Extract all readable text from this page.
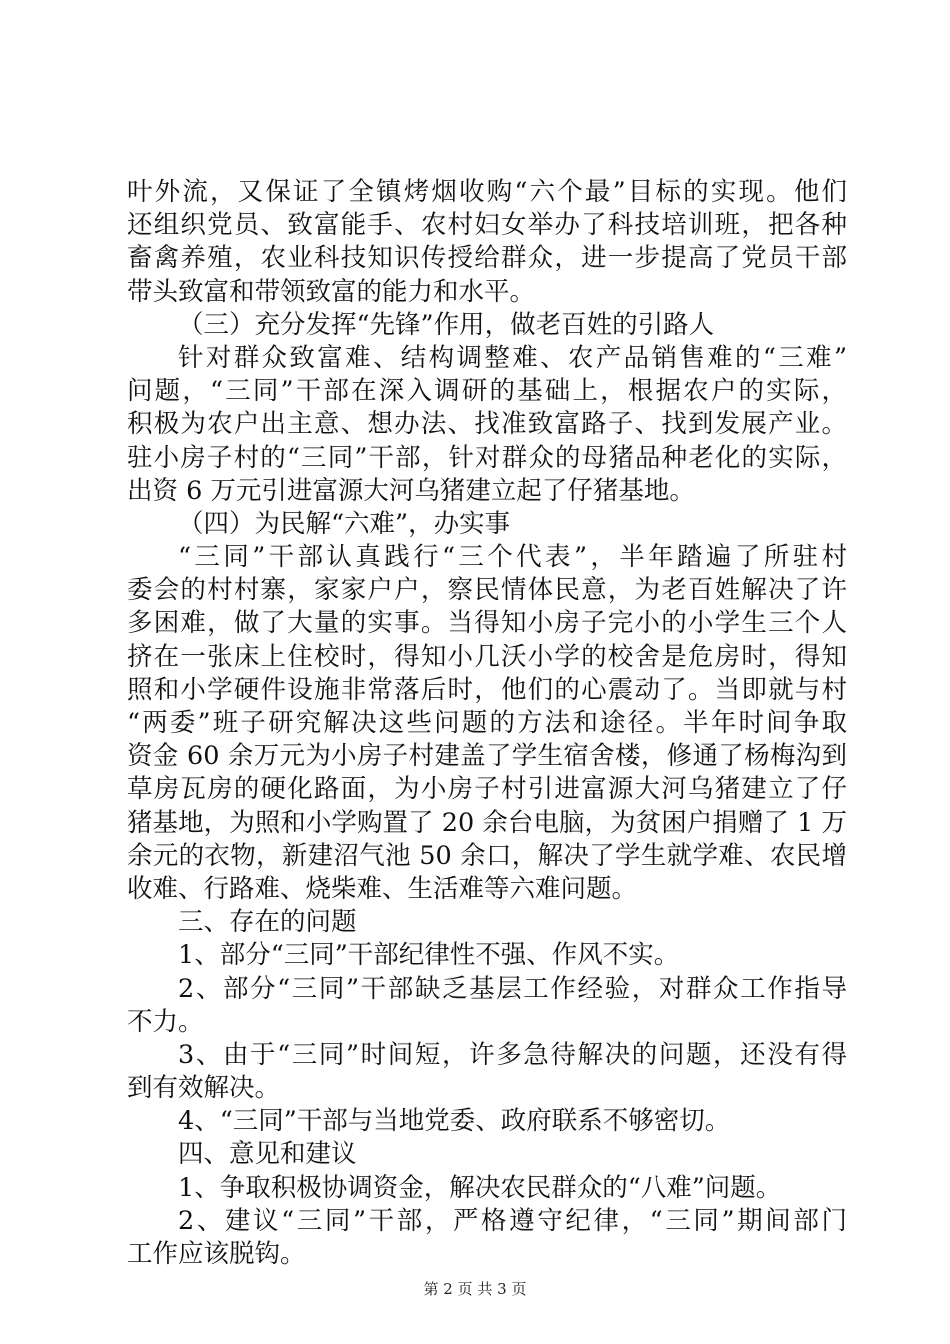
叶外流，又保证了全镇烤烟收购“六个最”目标的实现。他们
还组织党员、致富能手、农村妇女举办了科技培训班，把各种
畜禽养殖，农业科技知识传授给群众，进一步提高了党员干部
带头致富和带领致富的能力和水平。
（三）充分发挥“先锋”作用，做老百姓的引路人
针对群众致富难、结构调整难、农产品销售难的“三难”
问题，“三同”干部在深入调研的基础上，根据农户的实际，
积极为农户出主意、想办法、找准致富路子、找到发展产业。
驻小房子村的“三同”干部，针对群众的母猪品种老化的实际，
出资 6 万元引进富源大河乌猪建立起了仔猪基地。
（四）为民解“六难”，办实事
“三同”干部认真践行“三个代表”，半年踏遍了所驻村
委会的村村寨，家家户户，察民情体民意，为老百姓解决了许
多困难，做了大量的实事。当得知小房子完小的小学生三个人
挤在一张床上住校时，得知小几沃小学的校舍是危房时，得知
照和小学硬件设施非常落后时，他们的心震动了。当即就与村
“两委”班子研究解决这些问题的方法和途径。半年时间争取
资金 60 余万元为小房子村建盖了学生宿舍楼，修通了杨梅沟到
草房瓦房的硬化路面，为小房子村引进富源大河乌猪建立了仔
猪基地，为照和小学购置了 20 余台电脑，为贫困户捐赠了 1 万
余元的衣物，新建沼气池 50 余口，解决了学生就学难、农民增
收难、行路难、烧柴难、生活难等六难问题。
三、存在的问题
1、部分“三同”干部纪律性不强、作风不实。
2、部分“三同”干部缺乏基层工作经验，对群众工作指导
不力。
3、由于“三同”时间短，许多急待解决的问题，还没有得
到有效解决。
4、“三同”干部与当地党委、政府联系不够密切。
四、意见和建议
1、争取积极协调资金，解决农民群众的“八难”问题。
2、建议“三同”干部，严格遵守纪律，“三同”期间部门
工作应该脱钩。
第 2 页 共 3 页
